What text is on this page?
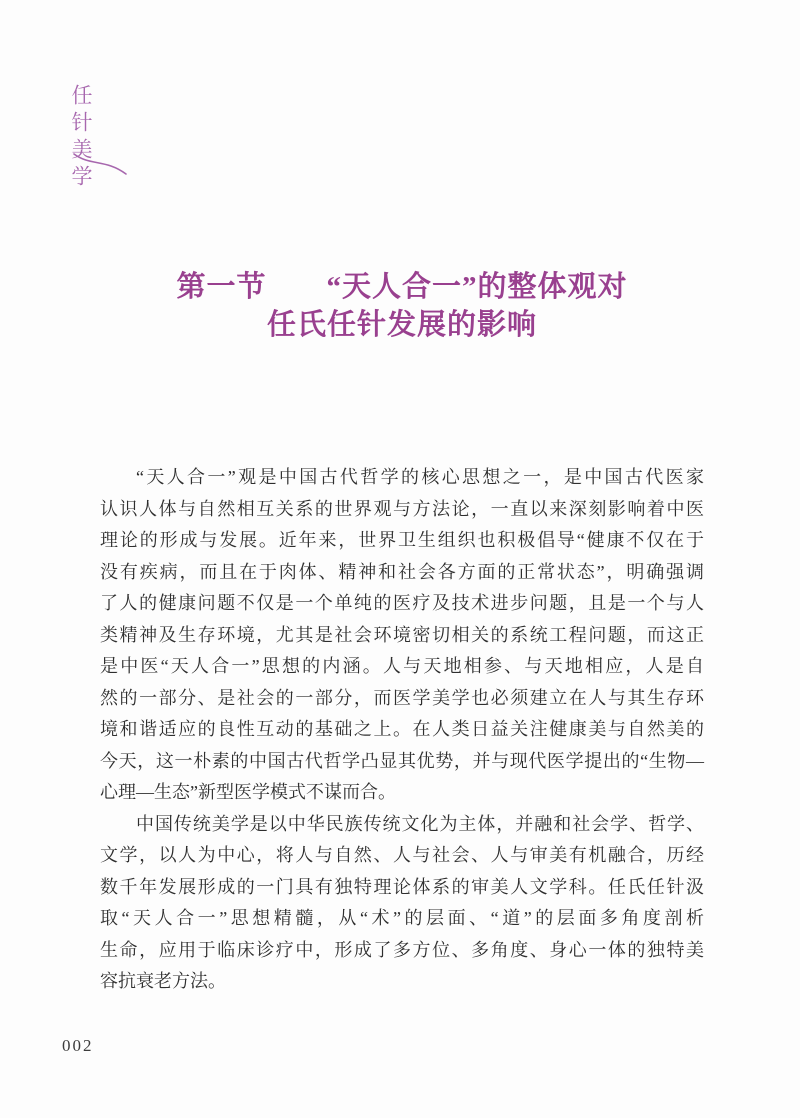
任针美学
第一节　　“天人合一”的整体观对
任氏任针发展的影响

“天人合一”观是中国古代哲学的核心思想之一，是中国古代医家
认识人体与自然相互关系的世界观与方法论，一直以来深刻影响着中医
理论的形成与发展。近年来，世界卫生组织也积极倡导“健康不仅在于
没有疾病，而且在于肉体、精神和社会各方面的正常状态”，明确强调
了人的健康问题不仅是一个单纯的医疗及技术进步问题，且是一个与人
类精神及生存环境，尤其是社会环境密切相关的系统工程问题，而这正
是中医“天人合一”思想的内涵。人与天地相参、与天地相应，人是自
然的一部分、是社会的一部分，而医学美学也必须建立在人与其生存环
境和谐适应的良性互动的基础之上。在人类日益关注健康美与自然美的
今天，这一朴素的中国古代哲学凸显其优势，并与现代医学提出的“生物—
心理—生态”新型医学模式不谋而合。

中国传统美学是以中华民族传统文化为主体，并融和社会学、哲学、
文学，以人为中心，将人与自然、人与社会、人与审美有机融合，历经
数千年发展形成的一门具有独特理论体系的审美人文学科。任氏任针汲
取“天人合一”思想精髓，从“术”的层面、“道”的层面多角度剖析
生命，应用于临床诊疗中，形成了多方位、多角度、身心一体的独特美
容抗衰老方法。

002
